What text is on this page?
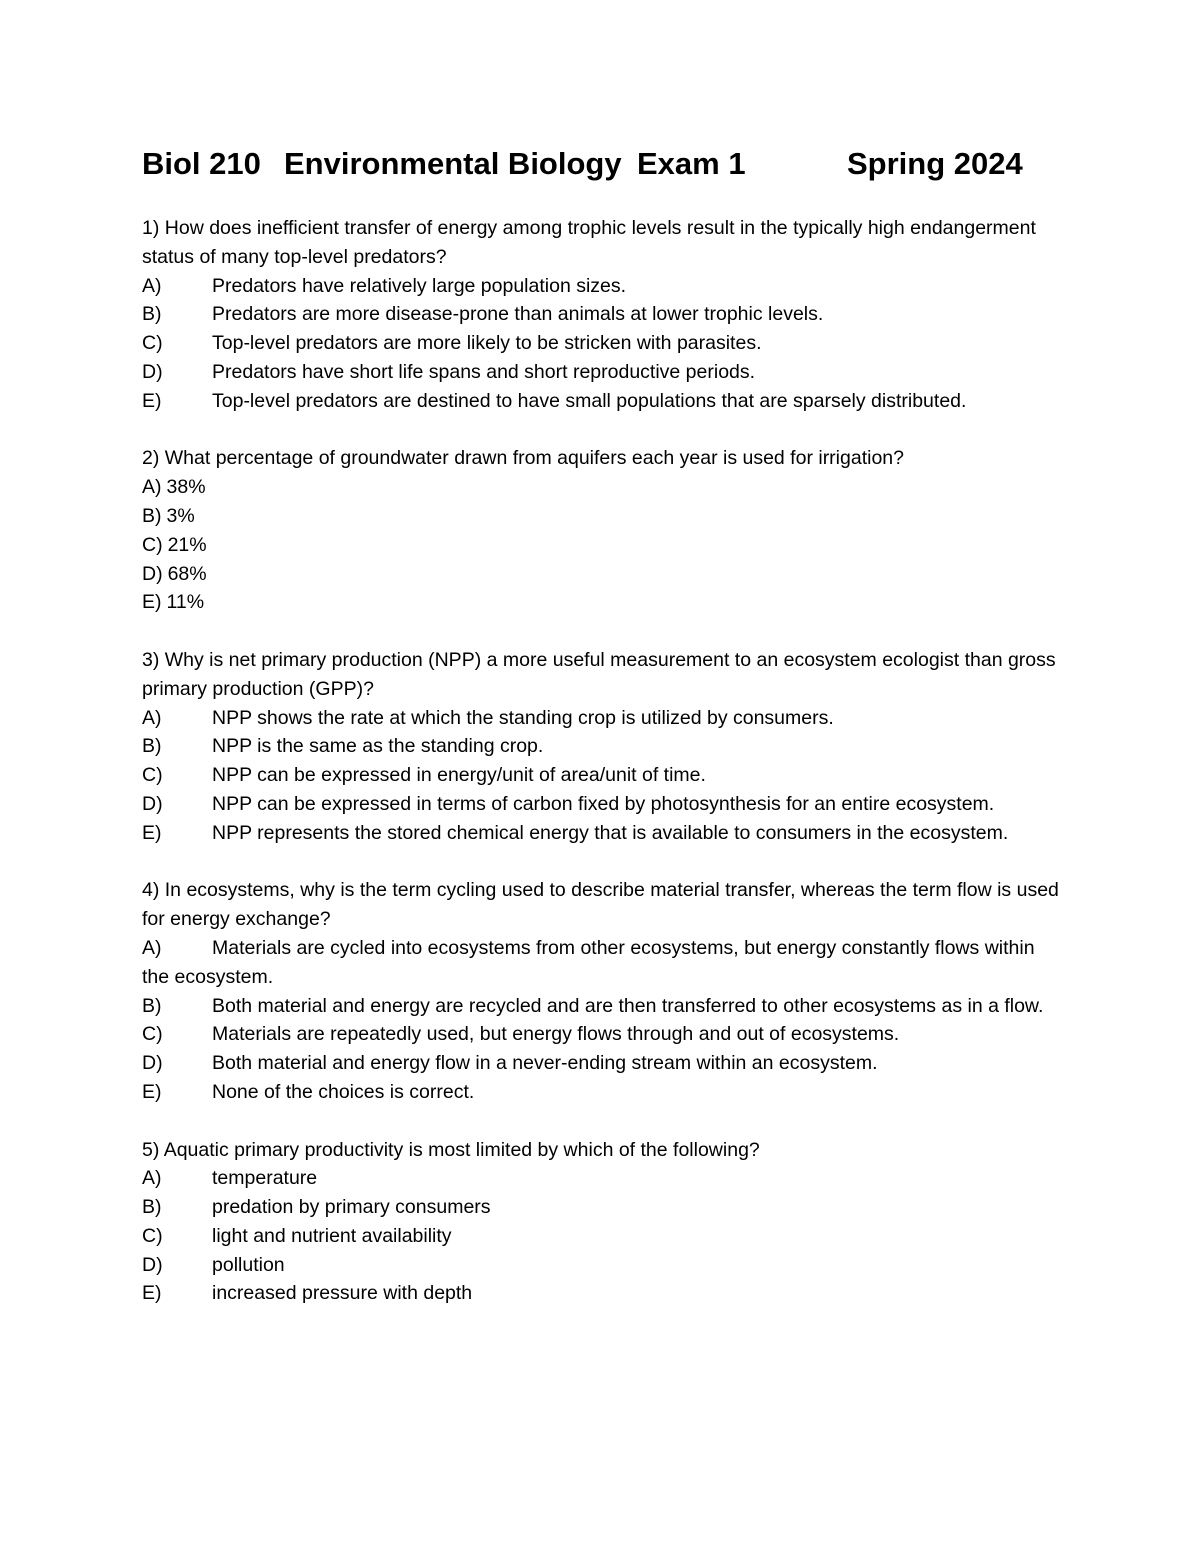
Biol 210 Environmental Biology Exam 1	Spring 2024
1) How does inefficient transfer of energy among trophic levels result in the typically high endangerment status of many top-level predators?
A)	Predators have relatively large population sizes.
B)	Predators are more disease-prone than animals at lower trophic levels.
C)	Top-level predators are more likely to be stricken with parasites.
D)	Predators have short life spans and short reproductive periods.
E)	Top-level predators are destined to have small populations that are sparsely distributed.
2) What percentage of groundwater drawn from aquifers each year is used for irrigation?
A) 38%
B) 3%
C) 21%
D) 68%
E) 11%
3) Why is net primary production (NPP) a more useful measurement to an ecosystem ecologist than gross primary production (GPP)?
A)	NPP shows the rate at which the standing crop is utilized by consumers.
B)	NPP is the same as the standing crop.
C)	NPP can be expressed in energy/unit of area/unit of time.
D)	NPP can be expressed in terms of carbon fixed by photosynthesis for an entire ecosystem.
E)	NPP represents the stored chemical energy that is available to consumers in the ecosystem.
4) In ecosystems, why is the term cycling used to describe material transfer, whereas the term flow is used for energy exchange?
A)	Materials are cycled into ecosystems from other ecosystems, but energy constantly flows within the ecosystem.
B)	Both material and energy are recycled and are then transferred to other ecosystems as in a flow.
C)	Materials are repeatedly used, but energy flows through and out of ecosystems.
D)	Both material and energy flow in a never-ending stream within an ecosystem.
E)	None of the choices is correct.
5) Aquatic primary productivity is most limited by which of the following?
A)	temperature
B)	predation by primary consumers
C)	light and nutrient availability
D)	pollution
E)	increased pressure with depth
